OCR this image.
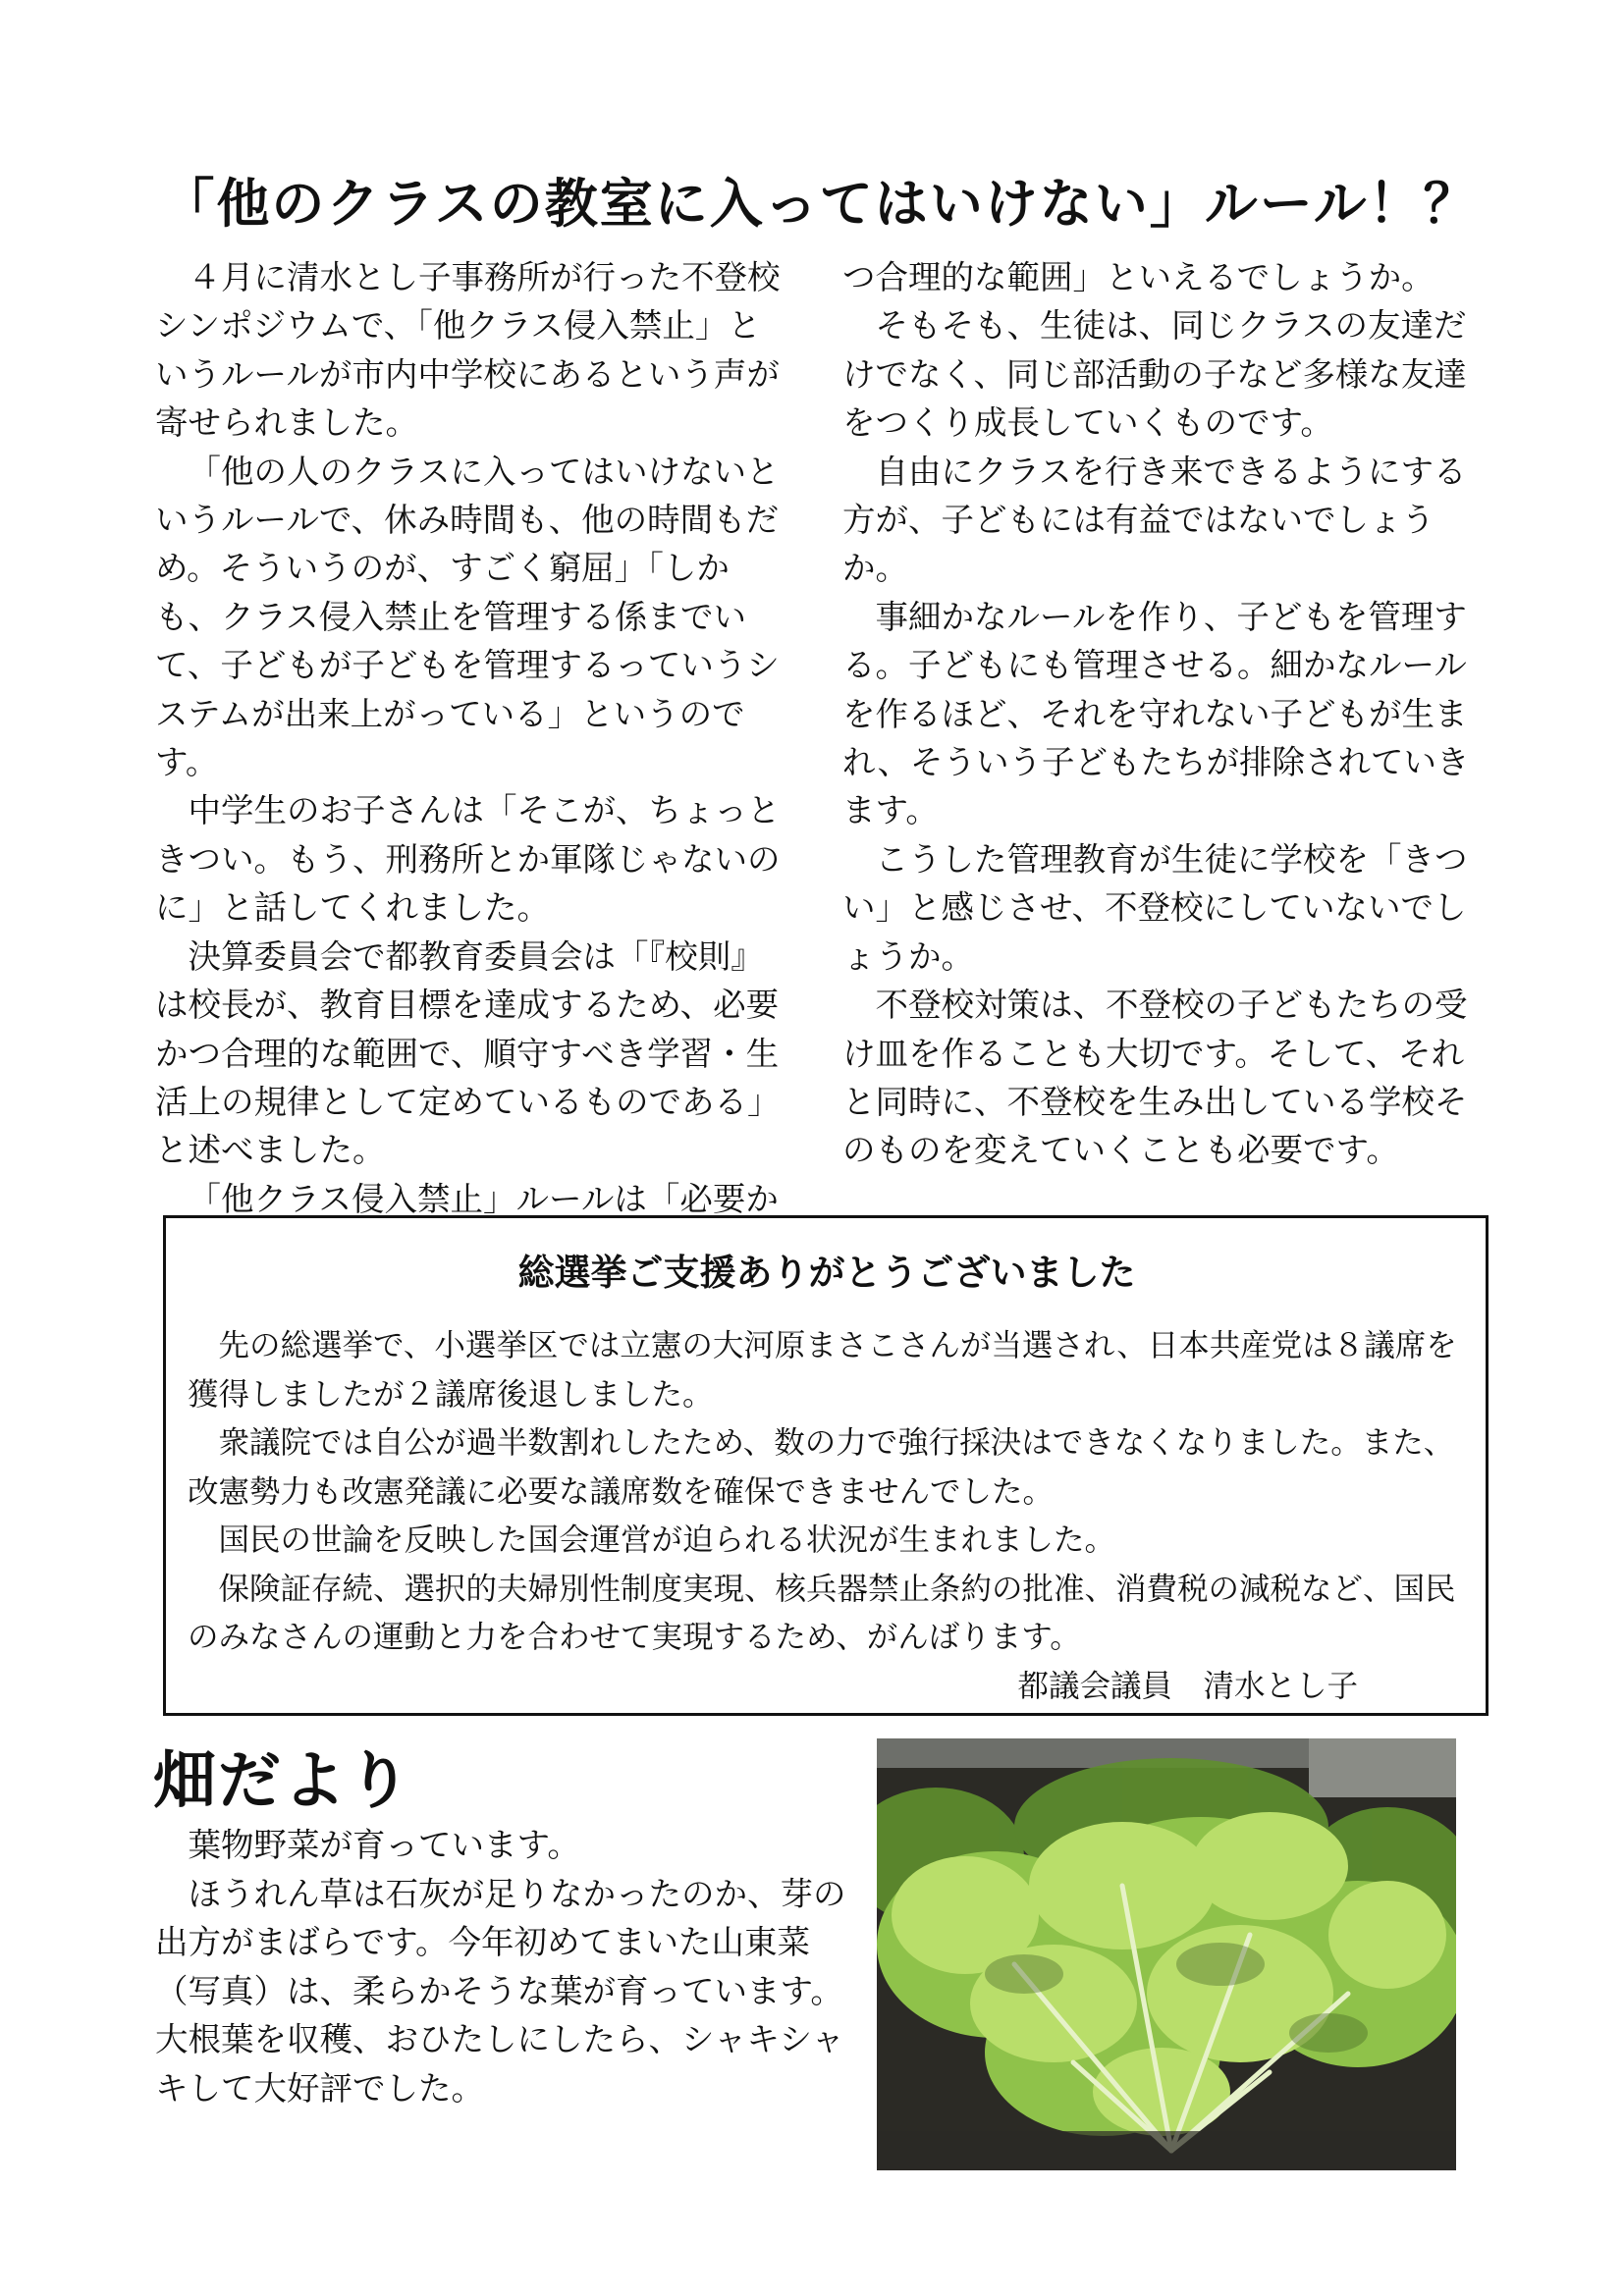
「他のクラスの教室に入ってはいけない」ルール！？

４月に清水とし子事務所が行った不登校シンポジウムで、「他クラス侵入禁止」というルールが市内中学校にあるという声が寄せられました。

「他の人のクラスに入ってはいけないというルールで、休み時間も、他の時間もだめ。そういうのが、すごく窮屈」「しかも、クラス侵入禁止を管理する係までいて、子どもが子どもを管理するっていうシステムが出来上がっている」というのです。

中学生のお子さんは「そこが、ちょっときつい。もう、刑務所とか軍隊じゃないのに」と話してくれました。

決算委員会で都教育委員会は「『校則』は校長が、教育目標を達成するため、必要かつ合理的な範囲で、順守すべき学習・生活上の規律として定めているものである」と述べました。

「他クラス侵入禁止」ルールは「必要か

つ合理的な範囲」といえるでしょうか。

そもそも、生徒は、同じクラスの友達だけでなく、同じ部活動の子など多様な友達をつくり成長していくものです。

自由にクラスを行き来できるようにする方が、子どもには有益ではないでしょうか。

事細かなルールを作り、子どもを管理する。子どもにも管理させる。細かなルールを作るほど、それを守れない子どもが生まれ、そういう子どもたちが排除されていきます。

こうした管理教育が生徒に学校を「きつい」と感じさせ、不登校にしていないでしょうか。

不登校対策は、不登校の子どもたちの受け皿を作ることも大切です。そして、それと同時に、不登校を生み出している学校そのものを変えていくことも必要です。

総選挙ご支援ありがとうございました

先の総選挙で、小選挙区では立憲の大河原まさこさんが当選され、日本共産党は８議席を獲得しましたが２議席後退しました。

衆議院では自公が過半数割れしたため、数の力で強行採決はできなくなりました。また、改憲勢力も改憲発議に必要な議席数を確保できませんでした。

国民の世論を反映した国会運営が迫られる状況が生まれました。

保険証存続、選択的夫婦別性制度実現、核兵器禁止条約の批准、消費税の減税など、国民のみなさんの運動と力を合わせて実現するため、がんばります。

都議会議員　清水とし子

畑だより

葉物野菜が育っています。

ほうれん草は石灰が足りなかったのか、芽の出方がまばらです。今年初めてまいた山東菜（写真）は、柔らかそうな葉が育っています。大根葉を収穫、おひたしにしたら、シャキシャキして大好評でした。
